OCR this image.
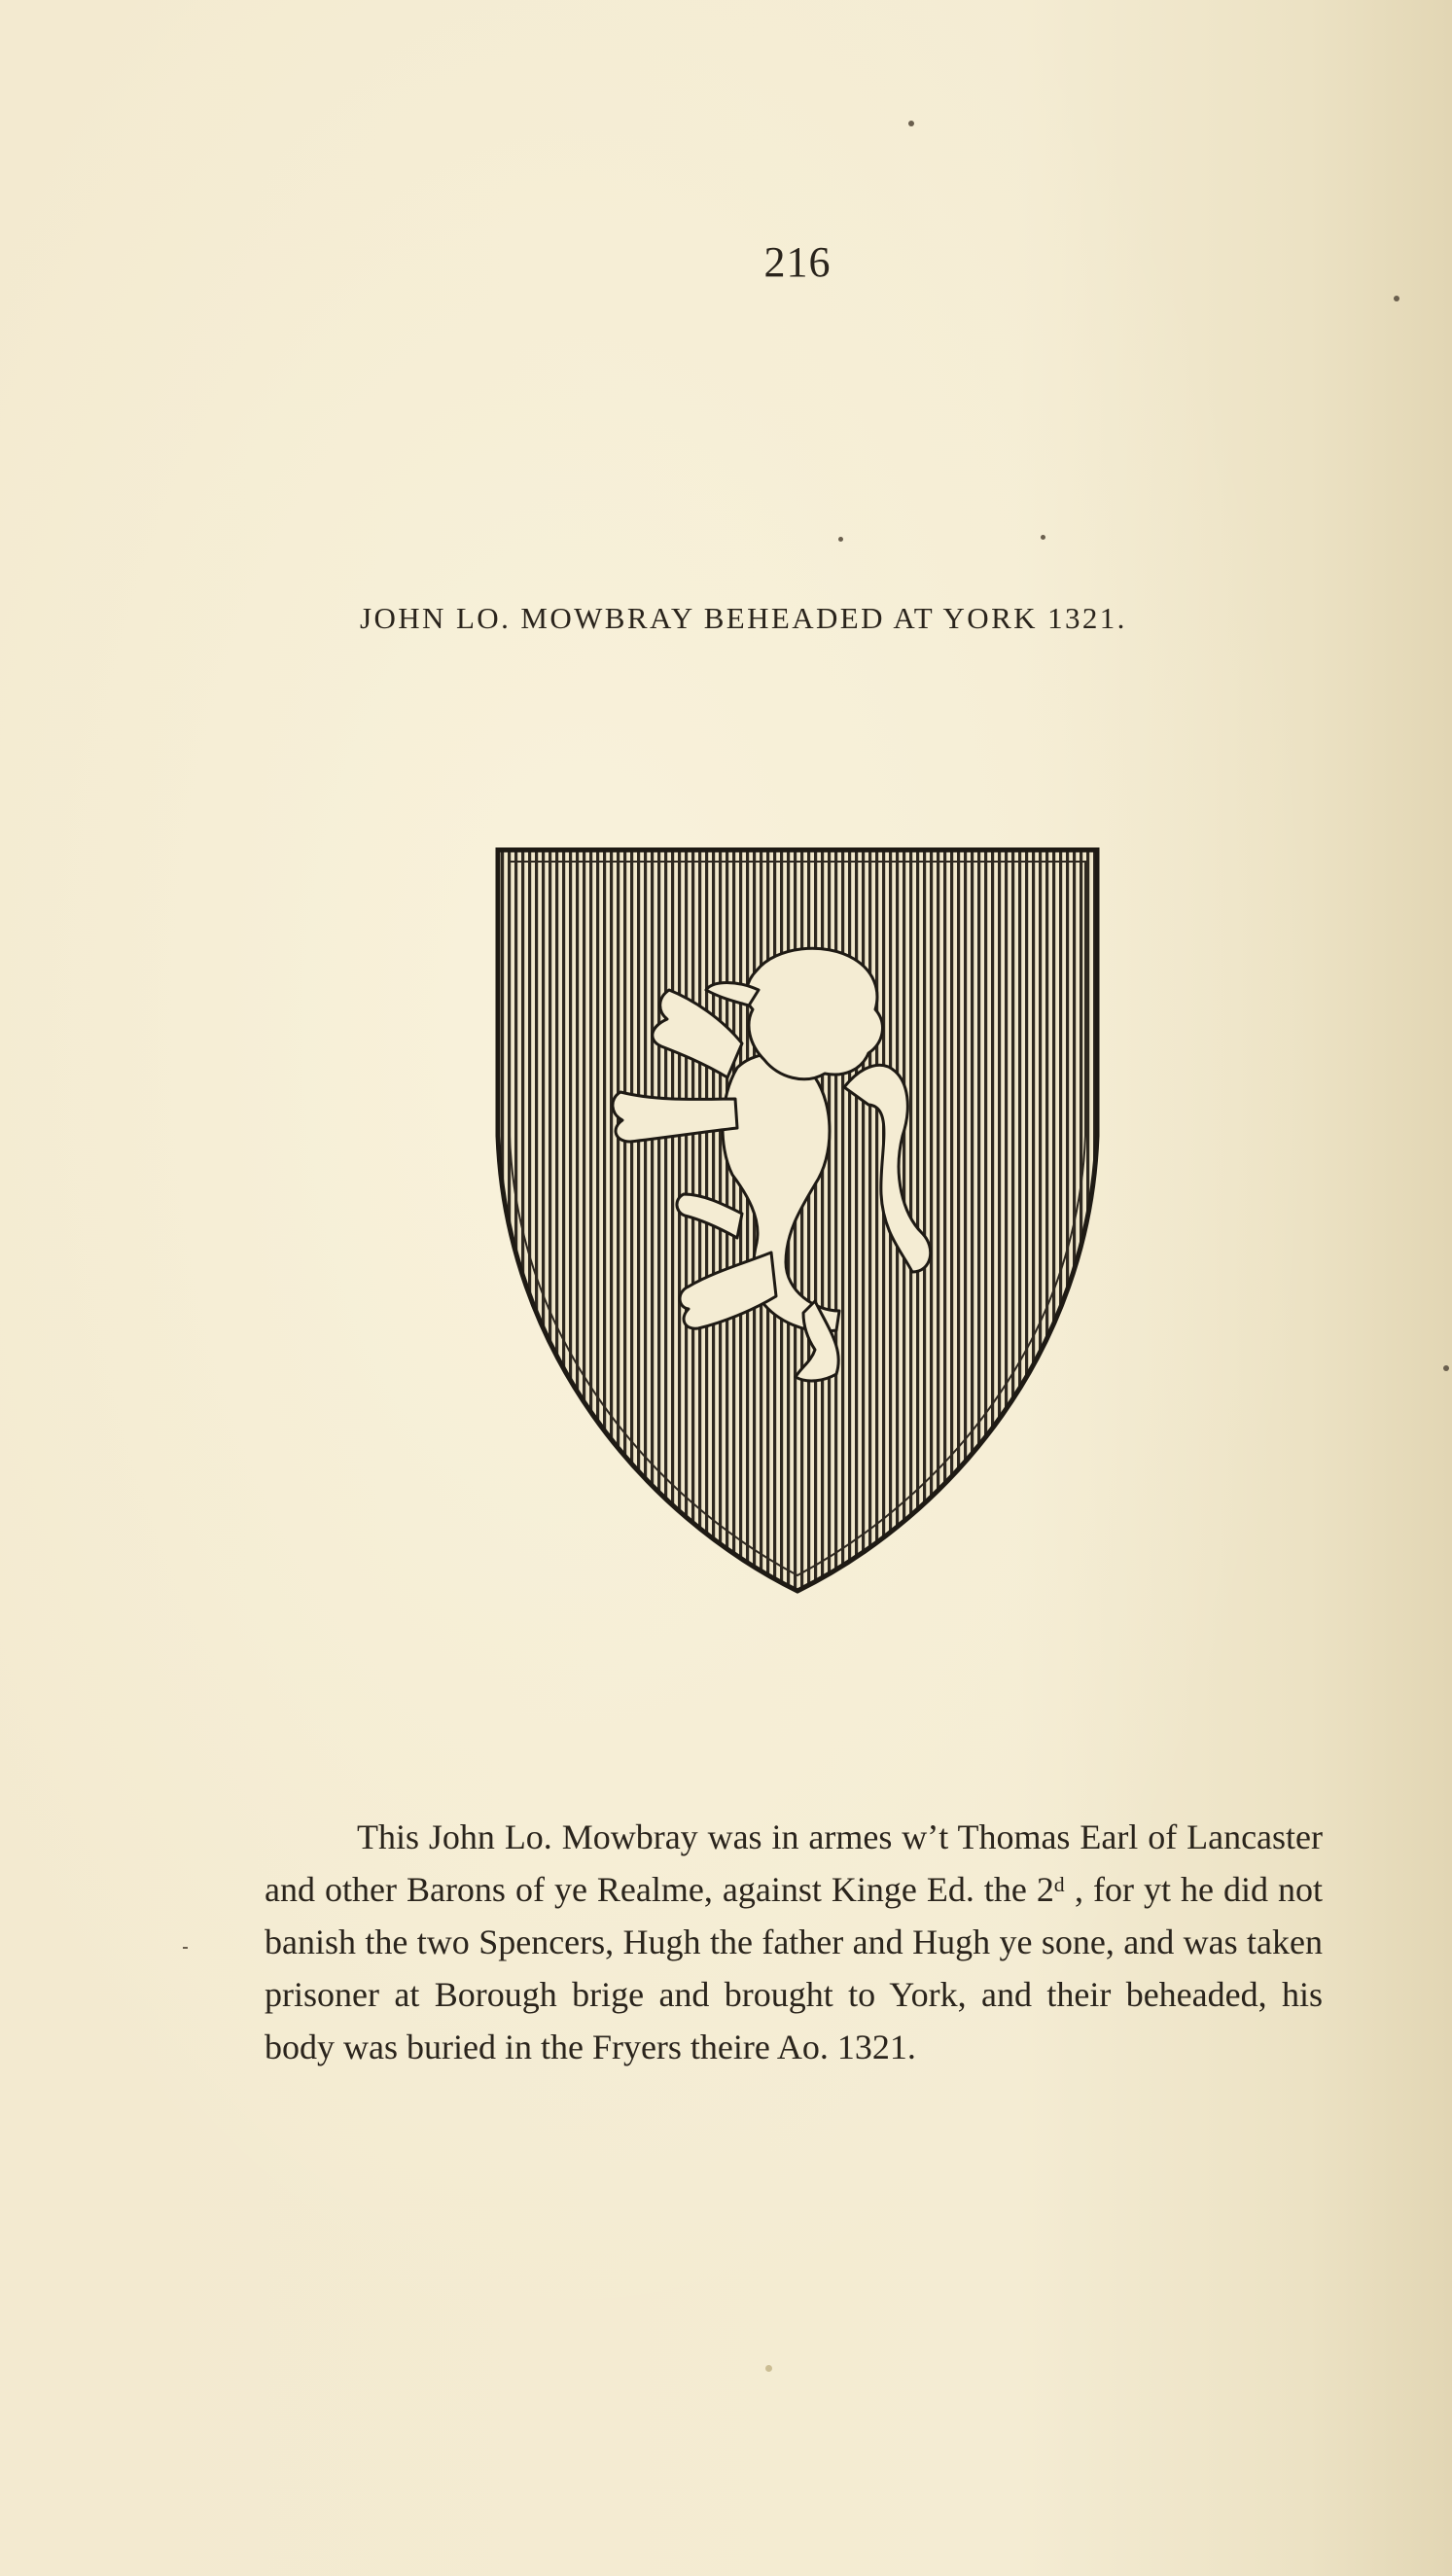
216
JOHN LO. MOWBRAY BEHEADED AT YORK 1321.
This John Lo. Mowbray was in armes wʼt Thomas Earl of Lancaster and other Barons of ye Realme, against Kinge Ed. the 2ᵈ , for yt he did not banish the two Spencers, Hugh the father and Hugh ye sone, and was taken prisoner at Borough brige and brought to York, and their beheaded, his body was buried in the Fryers theire Ao. 1321.
